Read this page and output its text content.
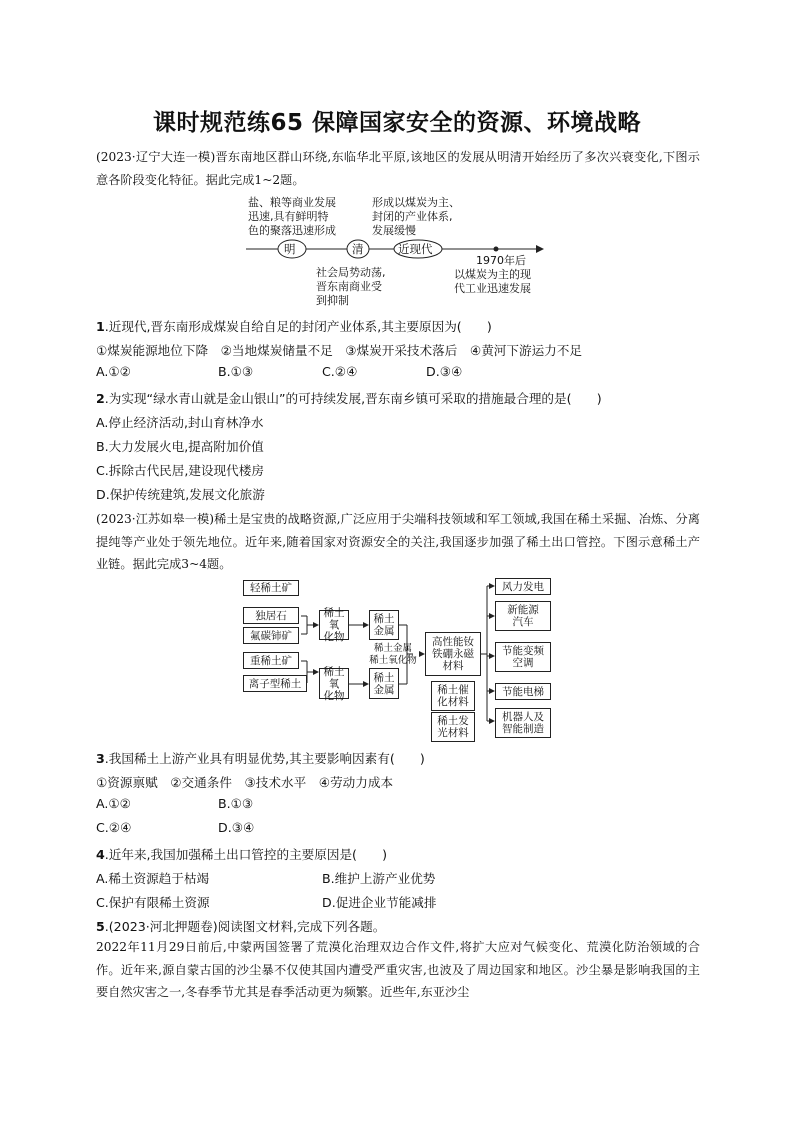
课时规范练65 保障国家安全的资源、环境战略
(2023·辽宁大连一模)晋东南地区群山环绕,东临华北平原,该地区的发展从明清开始经历了多次兴衰变化,下图示意各阶段变化特征。据此完成1~2题。
盐、粮等商业发展
迅速,具有鲜明特
色的聚落迅速形成
形成以煤炭为主、
封闭的产业体系,
发展缓慢
明	清	近现代
1970年后
社会局势动荡,
晋东南商业受
到抑制
以煤炭为主的现
代工业迅速发展
1.近现代,晋东南形成煤炭自给自足的封闭产业体系,其主要原因为(　　)
①煤炭能源地位下降　②当地煤炭储量不足　③煤炭开采技术落后　④黄河下游运力不足
A.①②	B.①③	C.②④	D.③④
2.为实现“绿水青山就是金山银山”的可持续发展,晋东南乡镇可采取的措施最合理的是(　　)
A.停止经济活动,封山育林净水
B.大力发展火电,提高附加价值
C.拆除古代民居,建设现代楼房
D.保护传统建筑,发展文化旅游
(2023·江苏如皋一模)稀土是宝贵的战略资源,广泛应用于尖端科技领域和军工领域,我国在稀土采掘、冶炼、分离提纯等产业处于领先地位。近年来,随着国家对资源安全的关注,我国逐步加强了稀土出口管控。下图示意稀土产业链。据此完成3~4题。
轻稀土矿
独居石
氟碳铈矿
重稀土矿
离子型稀土
稀土氧
化物
稀土
金属
稀土氧
化物
稀土
金属
稀土金属
稀土氧化物
高性能钕
铁硼永磁
材料
稀土催
化材料
稀土发
光材料
风力发电
新能源
汽车
节能变频
空调
节能电梯
机器人及
智能制造
3.我国稀土上游产业具有明显优势,其主要影响因素有(　　)
①资源禀赋　②交通条件　③技术水平　④劳动力成本
A.①②	B.①③
C.②④	D.③④
4.近年来,我国加强稀土出口管控的主要原因是(　　)
A.稀土资源趋于枯竭	B.维护上游产业优势
C.保护有限稀土资源	D.促进企业节能减排
5.(2023·河北押题卷)阅读图文材料,完成下列各题。
2022年11月29日前后,中蒙两国签署了荒漠化治理双边合作文件,将扩大应对气候变化、荒漠化防治领域的合作。近年来,源自蒙古国的沙尘暴不仅使其国内遭受严重灾害,也波及了周边国家和地区。沙尘暴是影响我国的主要自然灾害之一,冬春季节尤其是春季活动更为频繁。近些年,东亚沙尘
